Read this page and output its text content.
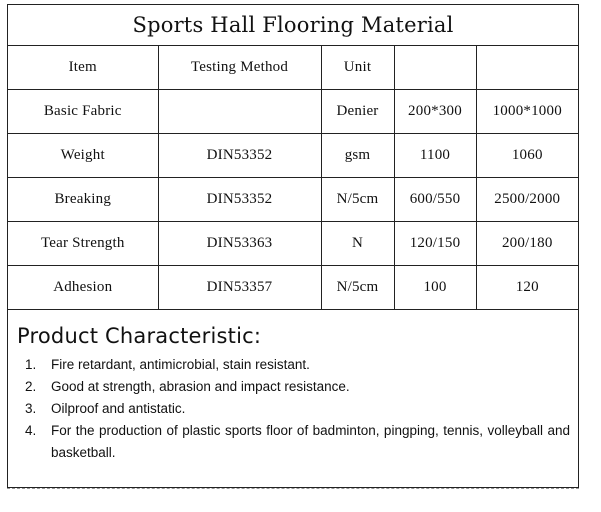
Sports Hall Flooring Material
Item	Testing Method	Unit		
Basic Fabric		Denier	200*300	1000*1000
Weight	DIN53352	gsm	1100	1060
Breaking	DIN53352	N/5cm	600/550	2500/2000
Tear Strength	DIN53363	N	120/150	200/180
Adhesion	DIN53357	N/5cm	100	120
Product Characteristic:
1. Fire retardant, antimicrobial, stain resistant.
2. Good at strength, abrasion and impact resistance.
3. Oilproof and antistatic.
4. For the production of plastic sports floor of badminton, pingping, tennis, volleyball and basketball.
